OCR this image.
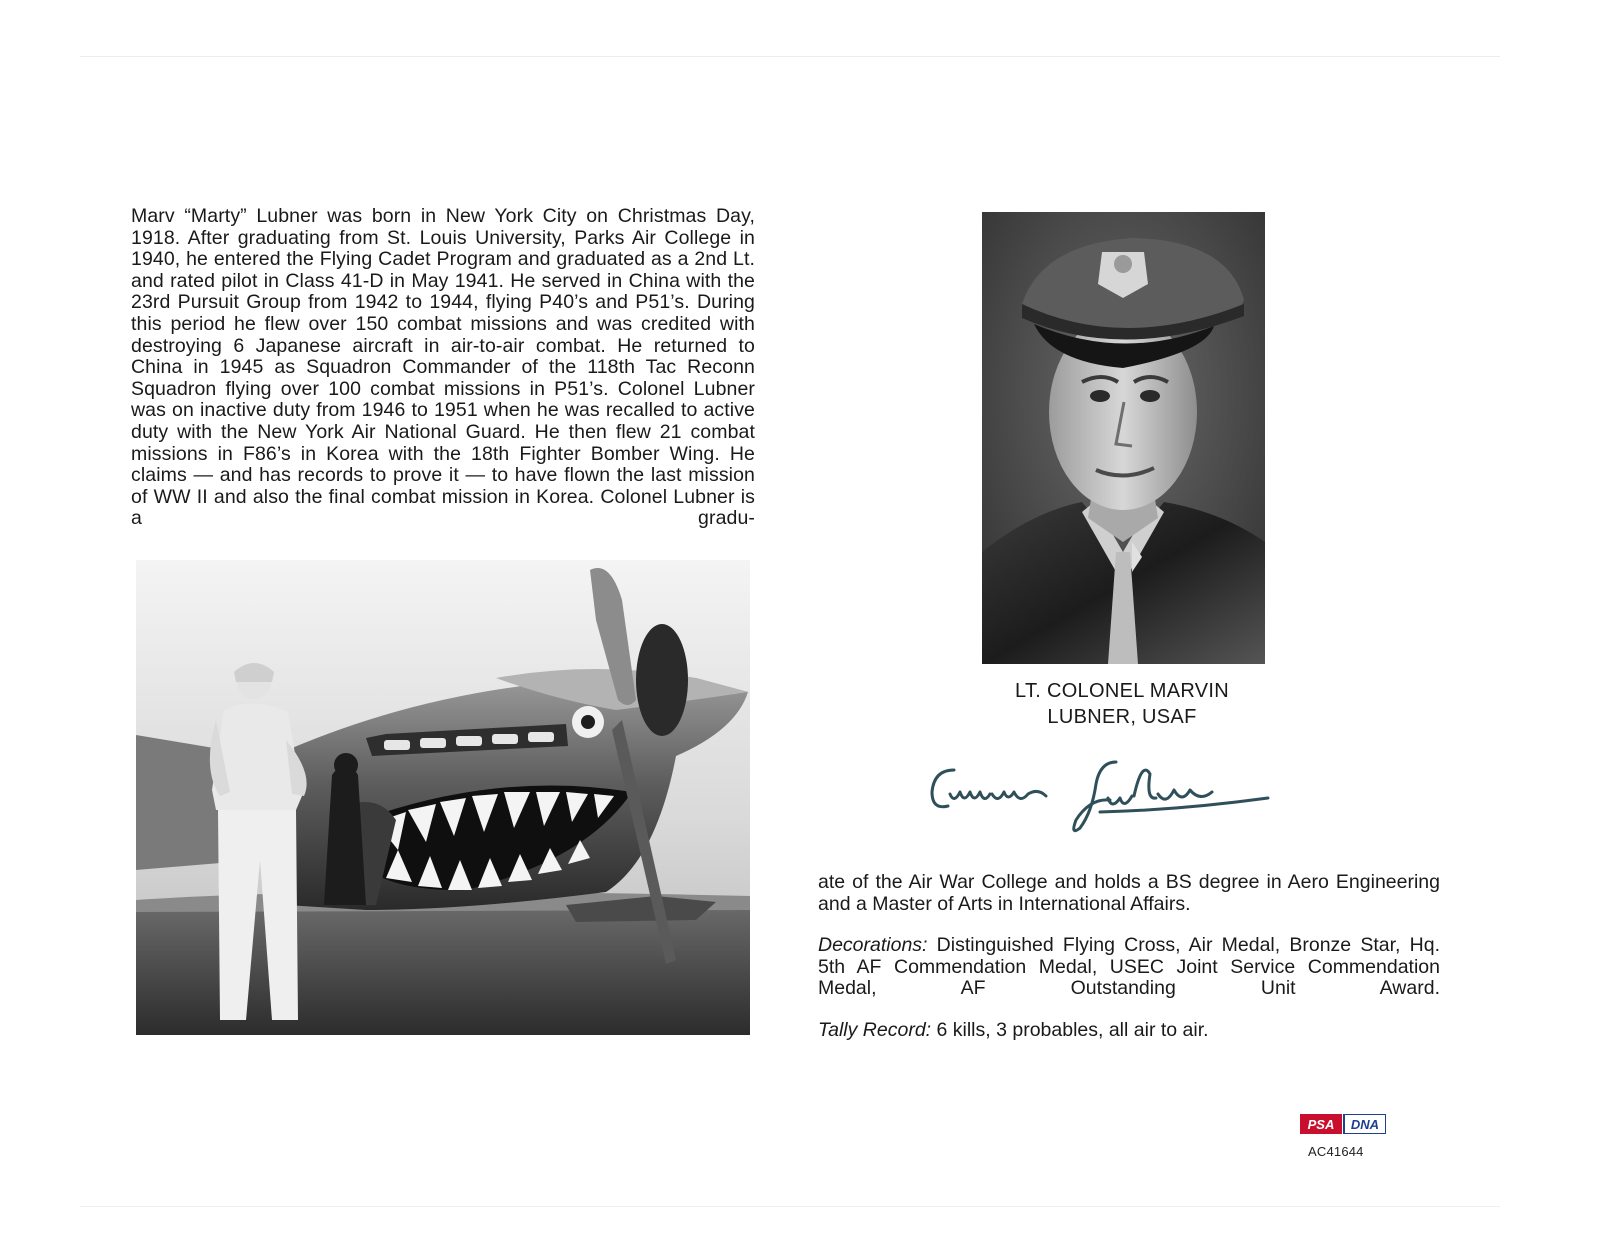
Marv “Marty” Lubner was born in New York City on Christmas Day, 1918. After graduating from St. Louis University, Parks Air College in 1940, he entered the Flying Cadet Program and graduated as a 2nd Lt. and rated pilot in Class 41-D in May 1941. He served in China with the 23rd Pursuit Group from 1942 to 1944, flying P40’s and P51’s. During this period he flew over 150 combat missions and was credited with destroying 6 Japanese aircraft in air-to-air combat. He returned to China in 1945 as Squadron Commander of the 118th Tac Reconn Squadron flying over 100 combat missions in P51’s. Colonel Lubner was on inactive duty from 1946 to 1951 when he was recalled to active duty with the New York Air National Guard. He then flew 21 combat missions in F86’s in Korea with the 18th Fighter Bomber Wing. He claims — and has records to prove it — to have flown the last mission of WW II and also the final combat mission in Korea. Colonel Lubner is a gradu-

LT. COLONEL MARVIN
LUBNER, USAF

ate of the Air War College and holds a BS degree in Aero Engineering and a Master of Arts in International Affairs.

Decorations: Distinguished Flying Cross, Air Medal, Bronze Star, Hq. 5th AF Commendation Medal, USEC Joint Service Commendation Medal, AF Outstanding Unit Award.

Tally Record: 6 kills, 3 probables, all air to air.

PSA DNA
AC41644
